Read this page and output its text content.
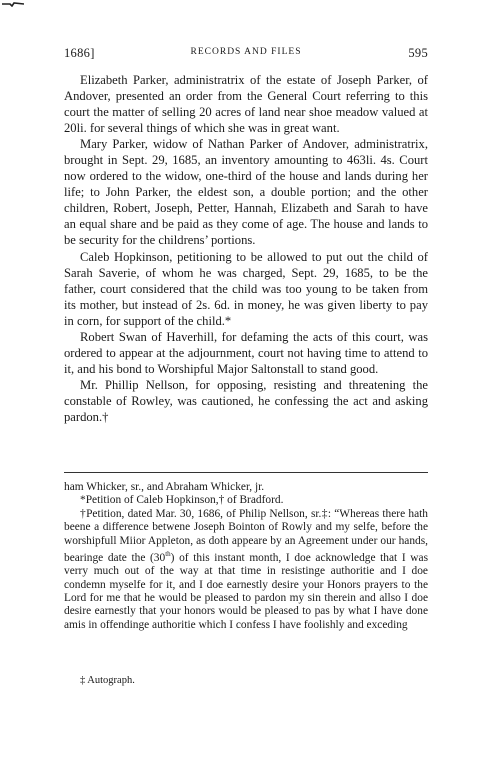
1686]	RECORDS AND FILES	595

Elizabeth Parker, administratrix of the estate of Joseph Parker, of Andover, presented an order from the General Court referring to this court the matter of selling 20 acres of land near shoe meadow valued at 20li. for several things of which she was in great want.

Mary Parker, widow of Nathan Parker of Andover, administratrix, brought in Sept. 29, 1685, an inventory amounting to 463li. 4s. Court now ordered to the widow, one-third of the house and lands during her life; to John Parker, the eldest son, a double portion; and the other children, Robert, Joseph, Petter, Hannah, Elizabeth and Sarah to have an equal share and be paid as they come of age. The house and lands to be security for the childrens’ portions.

Caleb Hopkinson, petitioning to be allowed to put out the child of Sarah Saverie, of whom he was charged, Sept. 29, 1685, to be the father, court considered that the child was too young to be taken from its mother, but instead of 2s. 6d. in money, he was given liberty to pay in corn, for support of the child.*

Robert Swan of Haverhill, for defaming the acts of this court, was ordered to appear at the adjournment, court not having time to attend to it, and his bond to Worshipful Major Saltonstall to stand good.

Mr. Phillip Nellson, for opposing, resisting and threatening the constable of Rowley, was cautioned, he confessing the act and asking pardon.†

ham Whicker, sr., and Abraham Whicker, jr.

*Petition of Caleb Hopkinson,† of Bradford.

†Petition, dated Mar. 30, 1686, of Philip Nellson, sr.‡: “Whereas there hath beene a difference betwene Joseph Bointon of Rowly and my selfe, before the worshipfull Miior Appleton, as doth appeare by an Agreement under our hands, bearinge date the (30th) of this instant month, I doe acknowledge that I was verry much out of the way at that time in resistinge authoritie and I doe condemn myselfe for it, and I doe earnestly desire your Honors prayers to the Lord for me that he would be pleased to pardon my sin therein and allso I doe desire earnestly that your honors would be pleased to pas by what I have done amis in offendinge authoritie which I confess I have foolishly and exceding

‡ Autograph.
